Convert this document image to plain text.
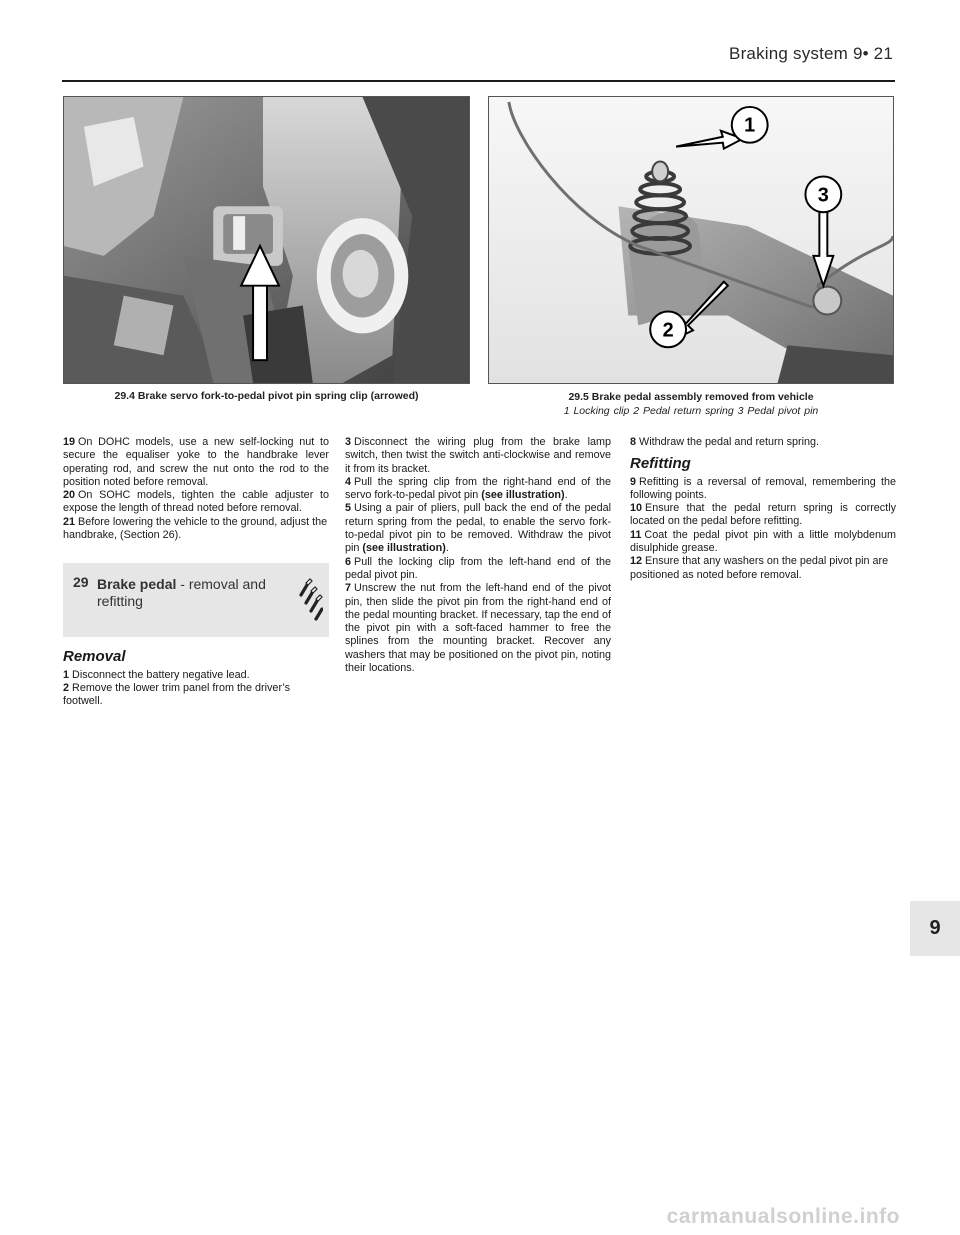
Braking system 9• 21
1
2
3
29.4 Brake servo fork-to-pedal pivot pin spring clip (arrowed)	29.5 Brake pedal assembly removed from vehicle
1 Locking clip 2 Pedal return spring 3 Pedal pivot pin

19 On DOHC models, use a new self-locking nut to secure the equaliser yoke to the handbrake lever operating rod, and screw the nut onto the rod to the position noted before removal.

20 On SOHC models, tighten the cable adjuster to expose the length of thread noted before removal.

21 Before lowering the vehicle to the ground, adjust the handbrake, (Section 26).

29 Brake pedal - removal and refitting
Removal

1 Disconnect the battery negative lead.

2 Remove the lower trim panel from the driver’s footwell.

3 Disconnect the wiring plug from the brake lamp switch, then twist the switch anti-clockwise and remove it from its bracket.

4 Pull the spring clip from the right-hand end of the servo fork-to-pedal pivot pin (see illustration).

5 Using a pair of pliers, pull back the end of the pedal return spring from the pedal, to enable the servo fork-to-pedal pivot pin to be removed. Withdraw the pivot pin (see illustration).

6 Pull the locking clip from the left-hand end of the pedal pivot pin.

7 Unscrew the nut from the left-hand end of the pivot pin, then slide the pivot pin from the right-hand end of the pedal mounting bracket. If necessary, tap the end of the pivot pin with a soft-faced hammer to free the splines from the mounting bracket. Recover any washers that may be positioned on the pivot pin, noting their locations.

8 Withdraw the pedal and return spring.

Refitting

9 Refitting is a reversal of removal, remembering the following points.

10 Ensure that the pedal return spring is correctly located on the pedal before refitting.

11 Coat the pedal pivot pin with a little molybdenum disulphide grease.

12 Ensure that any washers on the pedal pivot pin are positioned as noted before removal.

9
carmanualsonline.info
